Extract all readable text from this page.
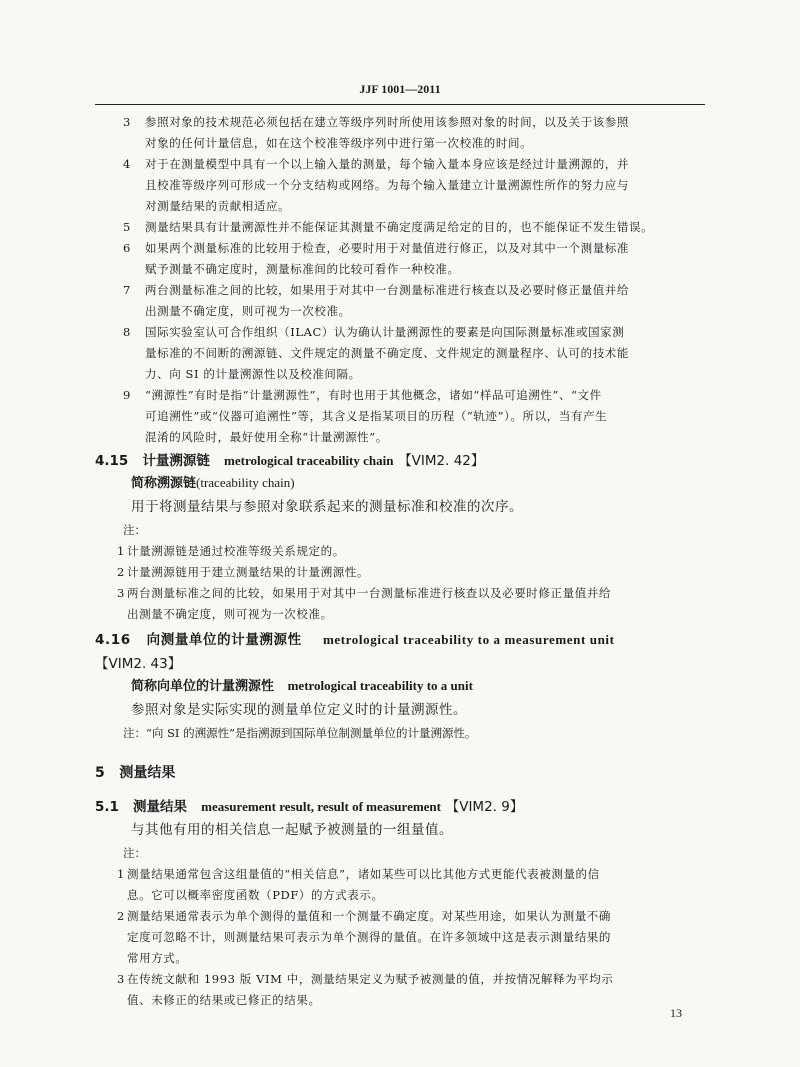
JJF 1001—2011
3	参照对象的技术规范必须包括在建立等级序列时所使用该参照对象的时间，以及关于该参照
对象的任何计量信息，如在这个校准等级序列中进行第一次校准的时间。
4	对于在测量模型中具有一个以上输入量的测量，每个输入量本身应该是经过计量溯源的，并
且校准等级序列可形成一个分支结构或网络。为每个输入量建立计量溯源性所作的努力应与
对测量结果的贡献相适应。
5	测量结果具有计量溯源性并不能保证其测量不确定度满足给定的目的，也不能保证不发生错误。
6	如果两个测量标准的比较用于检查，必要时用于对量值进行修正，以及对其中一个测量标准
赋予测量不确定度时，测量标准间的比较可看作一种校准。
7	两台测量标准之间的比较，如果用于对其中一台测量标准进行核查以及必要时修正量值并给
出测量不确定度，则可视为一次校准。
8	国际实验室认可合作组织（ILAC）认为确认计量溯源性的要素是向国际测量标准或国家测
量标准的不间断的溯源链、文件规定的测量不确定度、文件规定的测量程序、认可的技术能
力、向 SI 的计量溯源性以及校准间隔。
9	“溯源性”有时是指“计量溯源性”，有时也用于其他概念，诸如“样品可追溯性”、“文件
可追溯性”或“仪器可追溯性”等，其含义是指某项目的历程（“轨迹”）。所以，当有产生
混淆的风险时，最好使用全称“计量溯源性”。
4.15 计量溯源链 metrological traceability chain 【VIM2. 42】
简称溯源链(traceability chain)
用于将测量结果与参照对象联系起来的测量标准和校准的次序。
注：
1 计量溯源链是通过校准等级关系规定的。
2 计量溯源链用于建立测量结果的计量溯源性。
3 两台测量标准之间的比较，如果用于对其中一台测量标准进行核查以及必要时修正量值并给
出测量不确定度，则可视为一次校准。
4.16 向测量单位的计量溯源性 metrological traceability to a measurement unit
【VIM2. 43】
简称向单位的计量溯源性 metrological traceability to a unit
参照对象是实际实现的测量单位定义时的计量溯源性。
注：“向 SI 的溯源性”是指溯源到国际单位制测量单位的计量溯源性。
5 测量结果
5.1 测量结果 measurement result, result of measurement 【VIM2. 9】
与其他有用的相关信息一起赋予被测量的一组量值。
注：
1 测量结果通常包含这组量值的“相关信息”，诸如某些可以比其他方式更能代表被测量的信
息。它可以概率密度函数（PDF）的方式表示。
2 测量结果通常表示为单个测得的量值和一个测量不确定度。对某些用途，如果认为测量不确
定度可忽略不计，则测量结果可表示为单个测得的量值。在许多领域中这是表示测量结果的
常用方式。
3 在传统文献和 1993 版 VIM 中，测量结果定义为赋予被测量的值，并按情况解释为平均示
值、未修正的结果或已修正的结果。
13
